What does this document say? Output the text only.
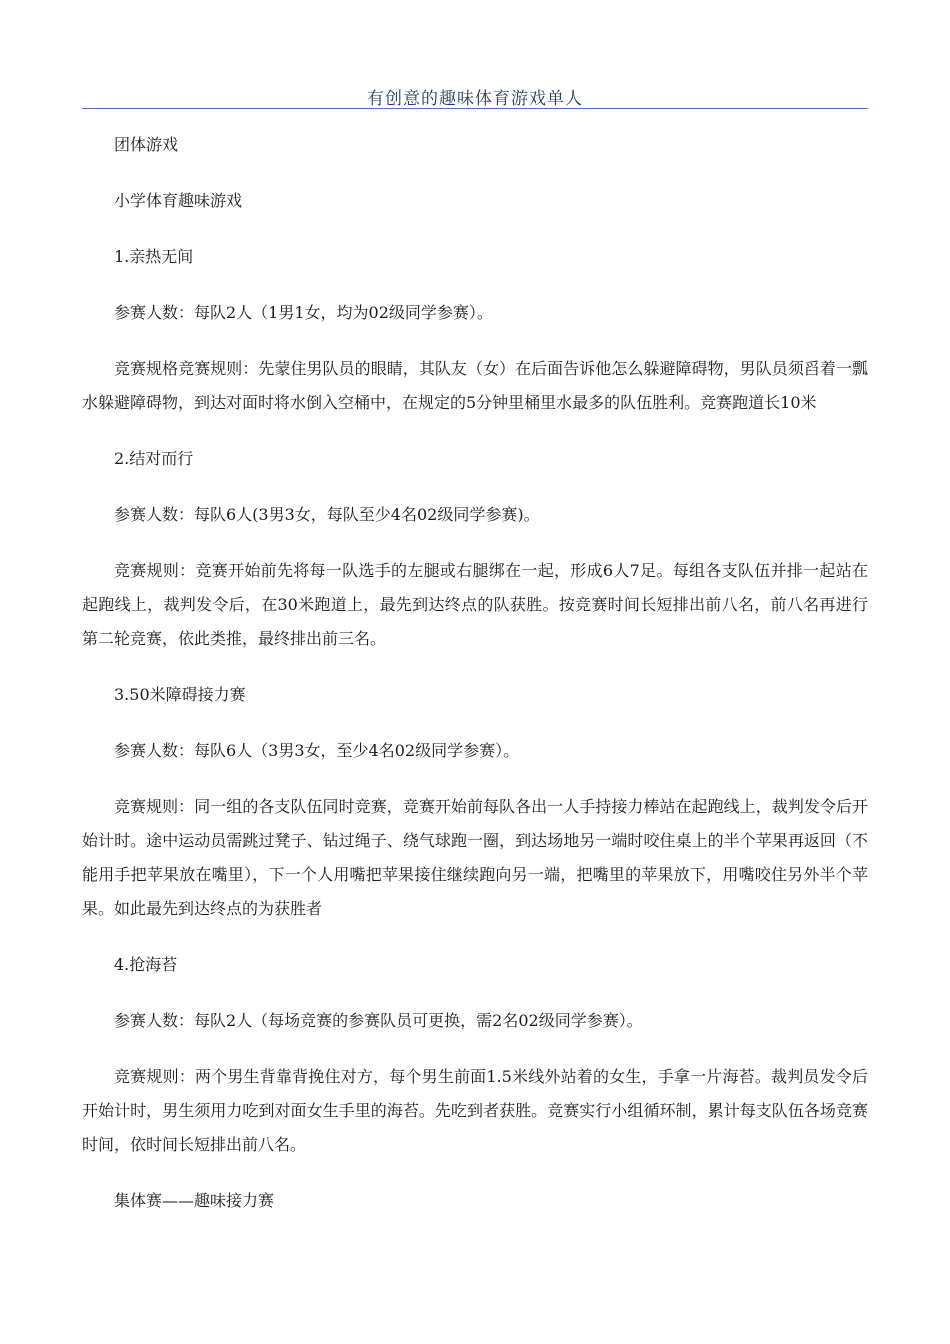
有创意的趣味体育游戏单人

团体游戏

小学体育趣味游戏

1.亲热无间

参赛人数：每队2人（1男1女，均为02级同学参赛）。

竞赛规格竞赛规则：先蒙住男队员的眼睛，其队友（女）在后面告诉他怎么躲避障碍物，男队员须舀着一瓢水躲避障碍物，到达对面时将水倒入空桶中，在规定的5分钟里桶里水最多的队伍胜利。竞赛跑道长10米

2.结对而行

参赛人数：每队6人(3男3女，每队至少4名02级同学参赛)。

竞赛规则：竞赛开始前先将每一队选手的左腿或右腿绑在一起，形成6人7足。每组各支队伍并排一起站在起跑线上，裁判发令后，在30米跑道上，最先到达终点的队获胜。按竞赛时间长短排出前八名，前八名再进行第二轮竞赛，依此类推，最终排出前三名。

3.50米障碍接力赛

参赛人数：每队6人（3男3女，至少4名02级同学参赛）。

竞赛规则：同一组的各支队伍同时竞赛，竞赛开始前每队各出一人手持接力棒站在起跑线上，裁判发令后开始计时。途中运动员需跳过凳子、钻过绳子、绕气球跑一圈，到达场地另一端时咬住桌上的半个苹果再返回（不能用手把苹果放在嘴里），下一个人用嘴把苹果接住继续跑向另一端，把嘴里的苹果放下，用嘴咬住另外半个苹果。如此最先到达终点的为获胜者

4.抢海苔

参赛人数：每队2人（每场竞赛的参赛队员可更换，需2名02级同学参赛）。

竞赛规则：两个男生背靠背挽住对方，每个男生前面1.5米线外站着的女生，手拿一片海苔。裁判员发令后开始计时，男生须用力吃到对面女生手里的海苔。先吃到者获胜。竞赛实行小组循环制，累计每支队伍各场竞赛时间，依时间长短排出前八名。

集体赛——趣味接力赛
